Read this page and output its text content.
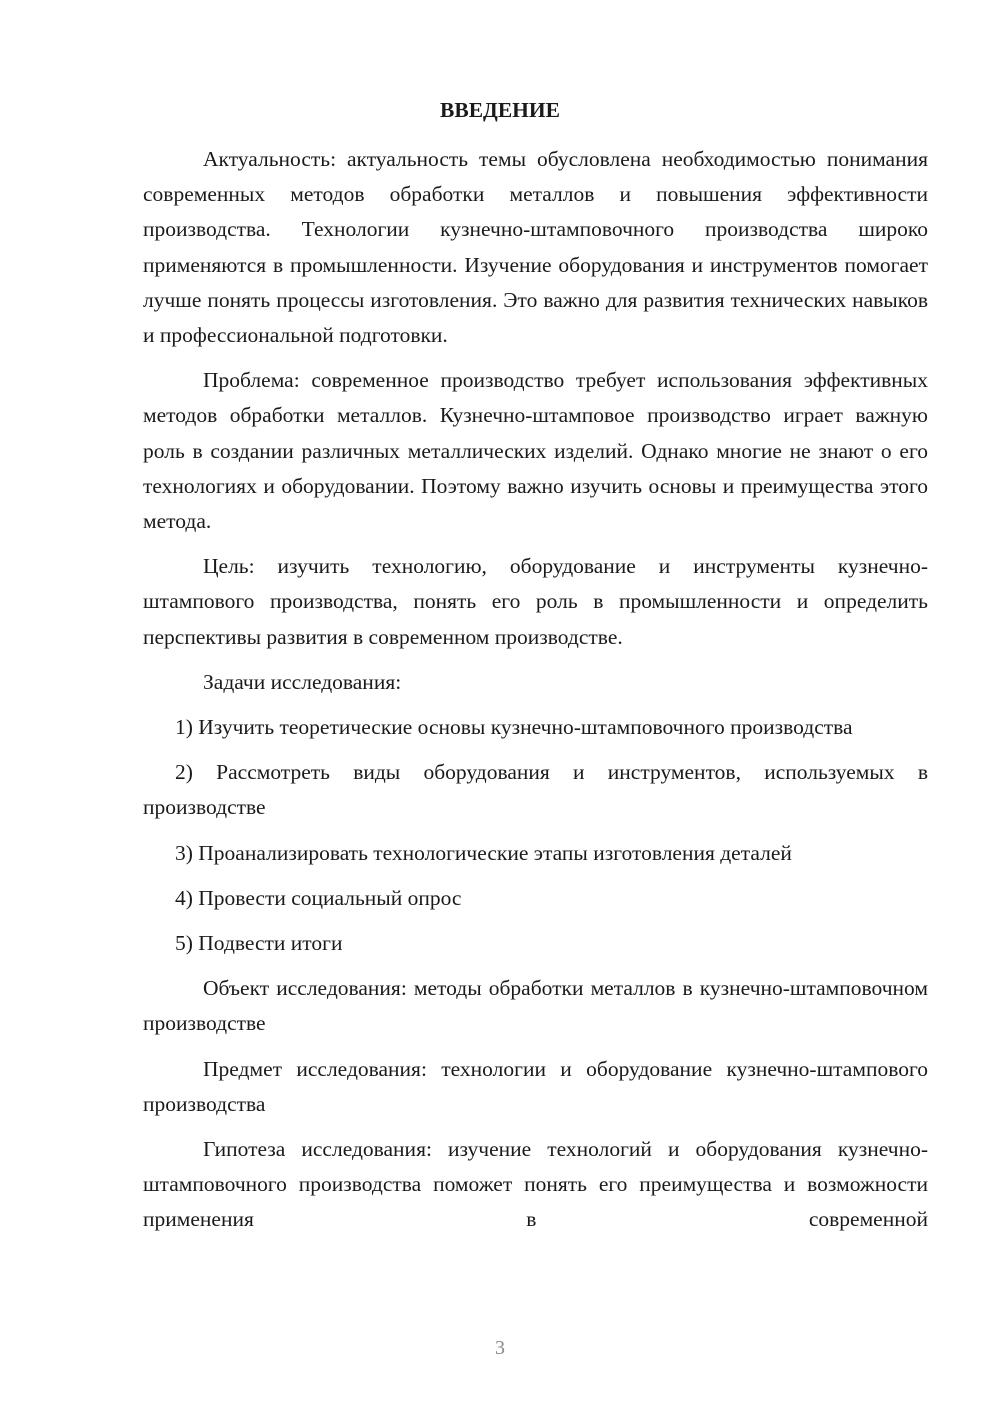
ВВЕДЕНИЕ

Актуальность: актуальность темы обусловлена необходимостью понимания современных методов обработки металлов и повышения эффективности производства. Технологии кузнечно-штамповочного производства широко применяются в промышленности. Изучение оборудования и инструментов помогает лучше понять процессы изготовления. Это важно для развития технических навыков и профессиональной подготовки.

Проблема: современное производство требует использования эффективных методов обработки металлов. Кузнечно-штамповое производство играет важную роль в создании различных металлических изделий. Однако многие не знают о его технологиях и оборудовании. Поэтому важно изучить основы и преимущества этого метода.

Цель: изучить технологию, оборудование и инструменты кузнечно-штампового производства, понять его роль в промышленности и определить перспективы развития в современном производстве.

Задачи исследования:

1) Изучить теоретические основы кузнечно-штамповочного производства

2) Рассмотреть виды оборудования и инструментов, используемых в производстве

3) Проанализировать технологические этапы изготовления деталей

4) Провести социальный опрос

5) Подвести итоги

Объект исследования: методы обработки металлов в кузнечно-штамповочном производстве

Предмет исследования: технологии и оборудование кузнечно-штампового производства

Гипотеза исследования: изучение технологий и оборудования кузнечно-штамповочного производства поможет понять его преимущества и возможности применения в современной

3
